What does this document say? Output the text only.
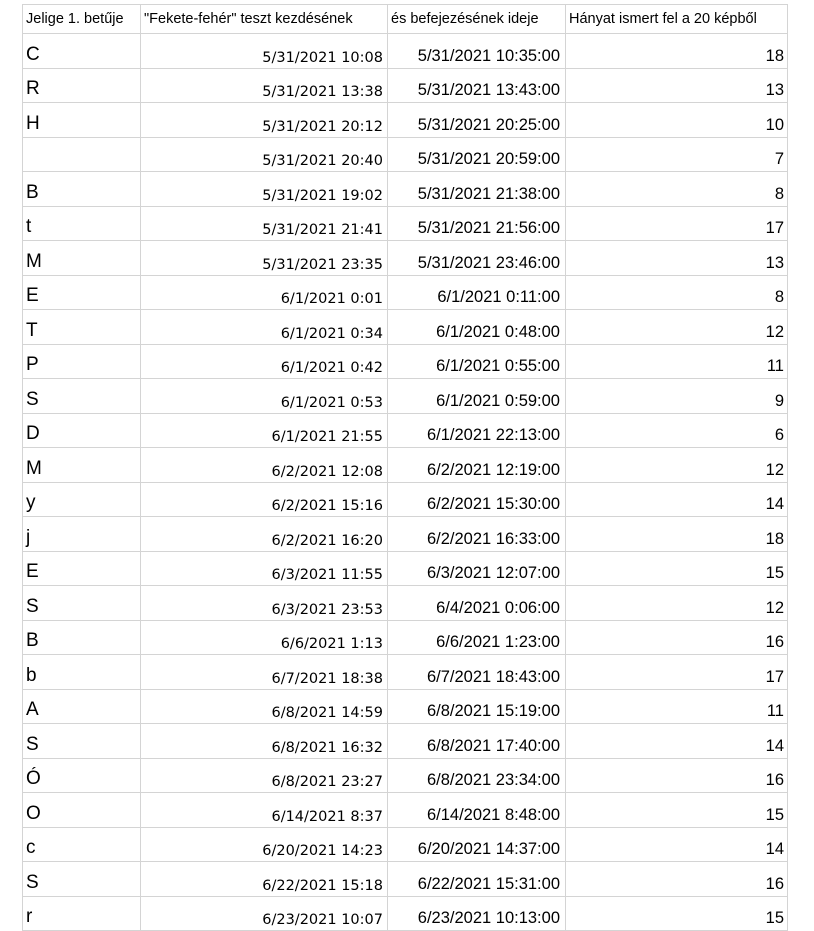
Jelige 1. betűje	"Fekete-fehér" teszt kezdésének	és befejezésének ideje	Hányat ismert fel a 20 képből
C	5/31/2021 10:08	5/31/2021 10:35:00	18
R	5/31/2021 13:38	5/31/2021 13:43:00	13
H	5/31/2021 20:12	5/31/2021 20:25:00	10
	5/31/2021 20:40	5/31/2021 20:59:00	7
B	5/31/2021 19:02	5/31/2021 21:38:00	8
t	5/31/2021 21:41	5/31/2021 21:56:00	17
M	5/31/2021 23:35	5/31/2021 23:46:00	13
E	6/1/2021 0:01	6/1/2021 0:11:00	8
T	6/1/2021 0:34	6/1/2021 0:48:00	12
P	6/1/2021 0:42	6/1/2021 0:55:00	11
S	6/1/2021 0:53	6/1/2021 0:59:00	9
D	6/1/2021 21:55	6/1/2021 22:13:00	6
M	6/2/2021 12:08	6/2/2021 12:19:00	12
y	6/2/2021 15:16	6/2/2021 15:30:00	14
j	6/2/2021 16:20	6/2/2021 16:33:00	18
E	6/3/2021 11:55	6/3/2021 12:07:00	15
S	6/3/2021 23:53	6/4/2021 0:06:00	12
B	6/6/2021 1:13	6/6/2021 1:23:00	16
b	6/7/2021 18:38	6/7/2021 18:43:00	17
A	6/8/2021 14:59	6/8/2021 15:19:00	11
S	6/8/2021 16:32	6/8/2021 17:40:00	14
Ó	6/8/2021 23:27	6/8/2021 23:34:00	16
O	6/14/2021 8:37	6/14/2021 8:48:00	15
c	6/20/2021 14:23	6/20/2021 14:37:00	14
S	6/22/2021 15:18	6/22/2021 15:31:00	16
r	6/23/2021 10:07	6/23/2021 10:13:00	15
